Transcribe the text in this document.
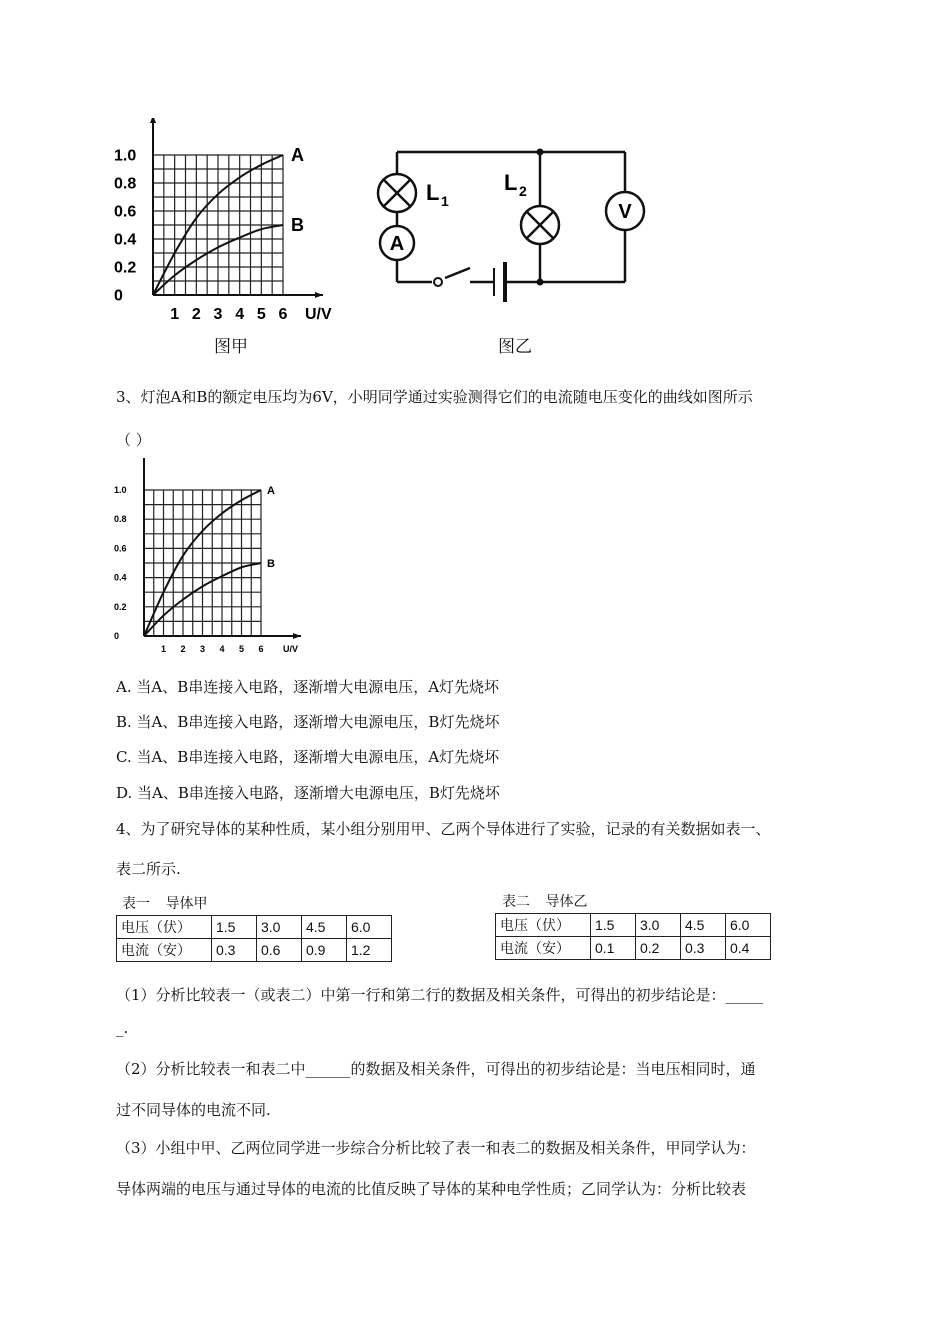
A
B
1.0
0.8
0.6
0.4
0.2
0
1 2 3 4 5 6 U/V
图甲
A
V
L 1
L 2
图乙
3、灯泡A和B的额定电压均为6V，小明同学通过实验测得它们的电流随电压变化的曲线如图所示
（ ）
A
B
1.0
0.8
0.6
0.4
0.2
0
1 2 3 4 5 6 U/V
A. 当A、B串连接入电路，逐渐增大电源电压，A灯先烧坏
B. 当A、B串连接入电路，逐渐增大电源电压，B灯先烧坏
C. 当A、B串连接入电路，逐渐增大电源电压，A灯先烧坏
D. 当A、B串连接入电路，逐渐增大电源电压，B灯先烧坏
4、为了研究导体的某种性质，某小组分别用甲、乙两个导体进行了实验，记录的有关数据如表一、
表二所示.
表一    导体甲
电压（伏）	1.5	3.0	4.5	6.0
电流（安）	0.3	0.6	0.9	1.2
表二    导体乙
电压（伏）	1.5	3.0	4.5	6.0
电流（安）	0.1	0.2	0.3	0.4
（1）分析比较表一（或表二）中第一行和第二行的数据及相关条件，可得出的初步结论是：_____
_.
（2）分析比较表一和表二中______的数据及相关条件，可得出的初步结论是：当电压相同时，通
过不同导体的电流不同.
（3）小组中甲、乙两位同学进一步综合分析比较了表一和表二的数据及相关条件，甲同学认为：
导体两端的电压与通过导体的电流的比值反映了导体的某种电学性质；乙同学认为：分析比较表
